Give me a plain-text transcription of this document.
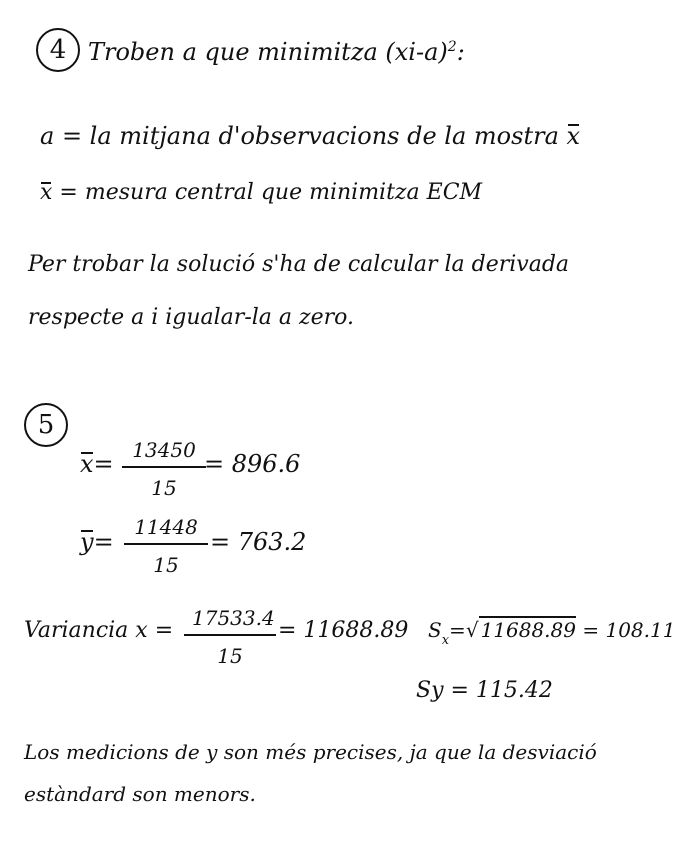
4 Troben a que minimitza $(xi-a)^2$:
a = la mitjana d'observacions de la mostra x
x = mesura central que minimitza ECM
Per trobar la solució s'ha de calcular la derivada
respecte a i igualar-la a zero.
5
$x= \frac{13450}{15}$
= 896.6
$y= \frac{11448}{15} = 763.2$
Variancia $x = \frac{17533.4}{15} = 11688.89$ $S_x=√$ 11688.89 = 108.11
Sy = 115.42
Los medicions de y son més precises, ja que la desviació
estàndard son menors.
